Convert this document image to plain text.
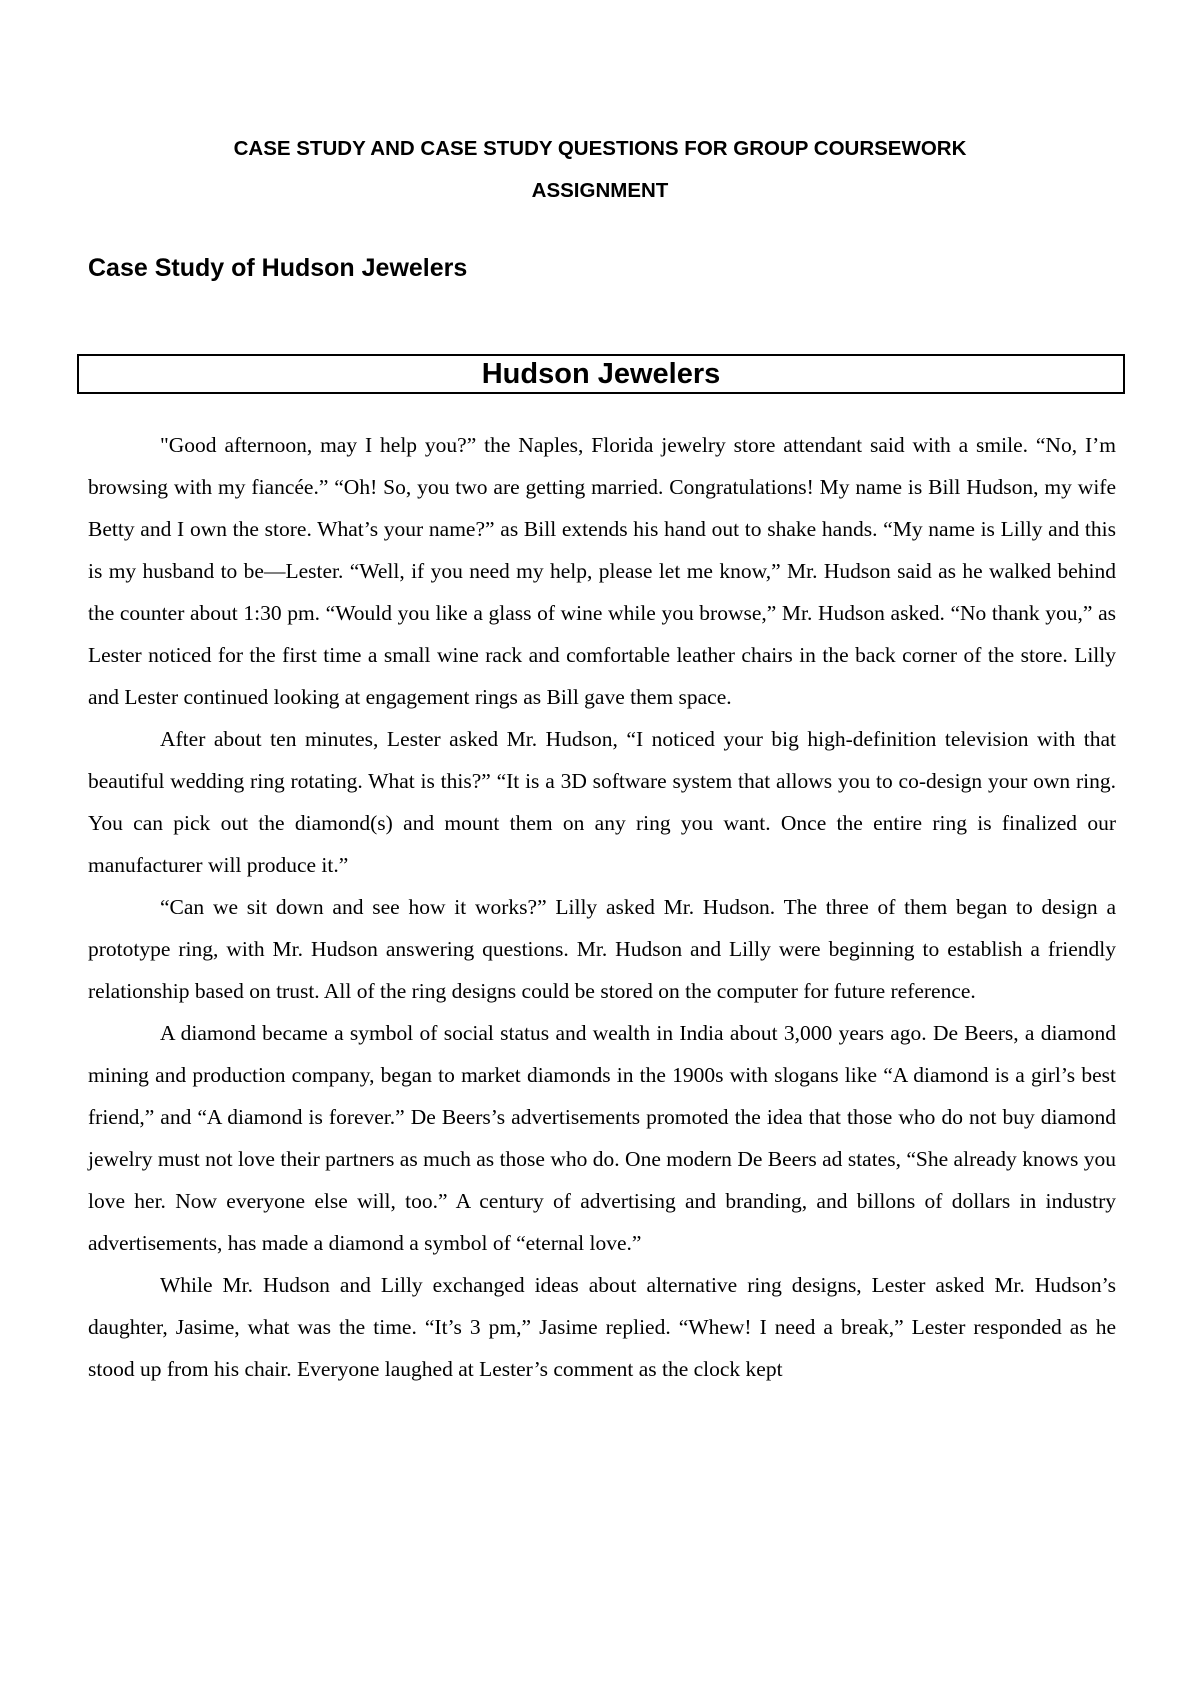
CASE STUDY AND CASE STUDY QUESTIONS FOR GROUP COURSEWORK
ASSIGNMENT
Case Study of Hudson Jewelers
Hudson Jewelers

"Good afternoon, may I help you?” the Naples, Florida jewelry store attendant said with a smile. “No, I’m browsing with my fiancée.” “Oh! So, you two are getting married. Congratulations! My name is Bill Hudson, my wife Betty and I own the store. What’s your name?” as Bill extends his hand out to shake hands. “My name is Lilly and this is my husband to be—Lester. “Well, if you need my help, please let me know,” Mr. Hudson said as he walked behind the counter about 1:30 pm. “Would you like a glass of wine while you browse,” Mr. Hudson asked. “No thank you,” as Lester noticed for the first time a small wine rack and comfortable leather chairs in the back corner of the store. Lilly and Lester continued looking at engagement rings as Bill gave them space.

After about ten minutes, Lester asked Mr. Hudson, “I noticed your big high-definition television with that beautiful wedding ring rotating. What is this?” “It is a 3D software system that allows you to co-design your own ring. You can pick out the diamond(s) and mount them on any ring you want. Once the entire ring is finalized our manufacturer will produce it.”

“Can we sit down and see how it works?” Lilly asked Mr. Hudson. The three of them began to design a prototype ring, with Mr. Hudson answering questions. Mr. Hudson and Lilly were beginning to establish a friendly relationship based on trust. All of the ring designs could be stored on the computer for future reference.

A diamond became a symbol of social status and wealth in India about 3,000 years ago. De Beers, a diamond mining and production company, began to market diamonds in the 1900s with slogans like “A diamond is a girl’s best friend,” and “A diamond is forever.” De Beers’s advertisements promoted the idea that those who do not buy diamond jewelry must not love their partners as much as those who do. One modern De Beers ad states, “She already knows you love her. Now everyone else will, too.” A century of advertising and branding, and billons of dollars in industry advertisements, has made a diamond a symbol of “eternal love.”

While Mr. Hudson and Lilly exchanged ideas about alternative ring designs, Lester asked Mr. Hudson’s daughter, Jasime, what was the time. “It’s 3 pm,” Jasime replied. “Whew! I need a break,” Lester responded as he stood up from his chair. Everyone laughed at Lester’s comment as the clock kept
